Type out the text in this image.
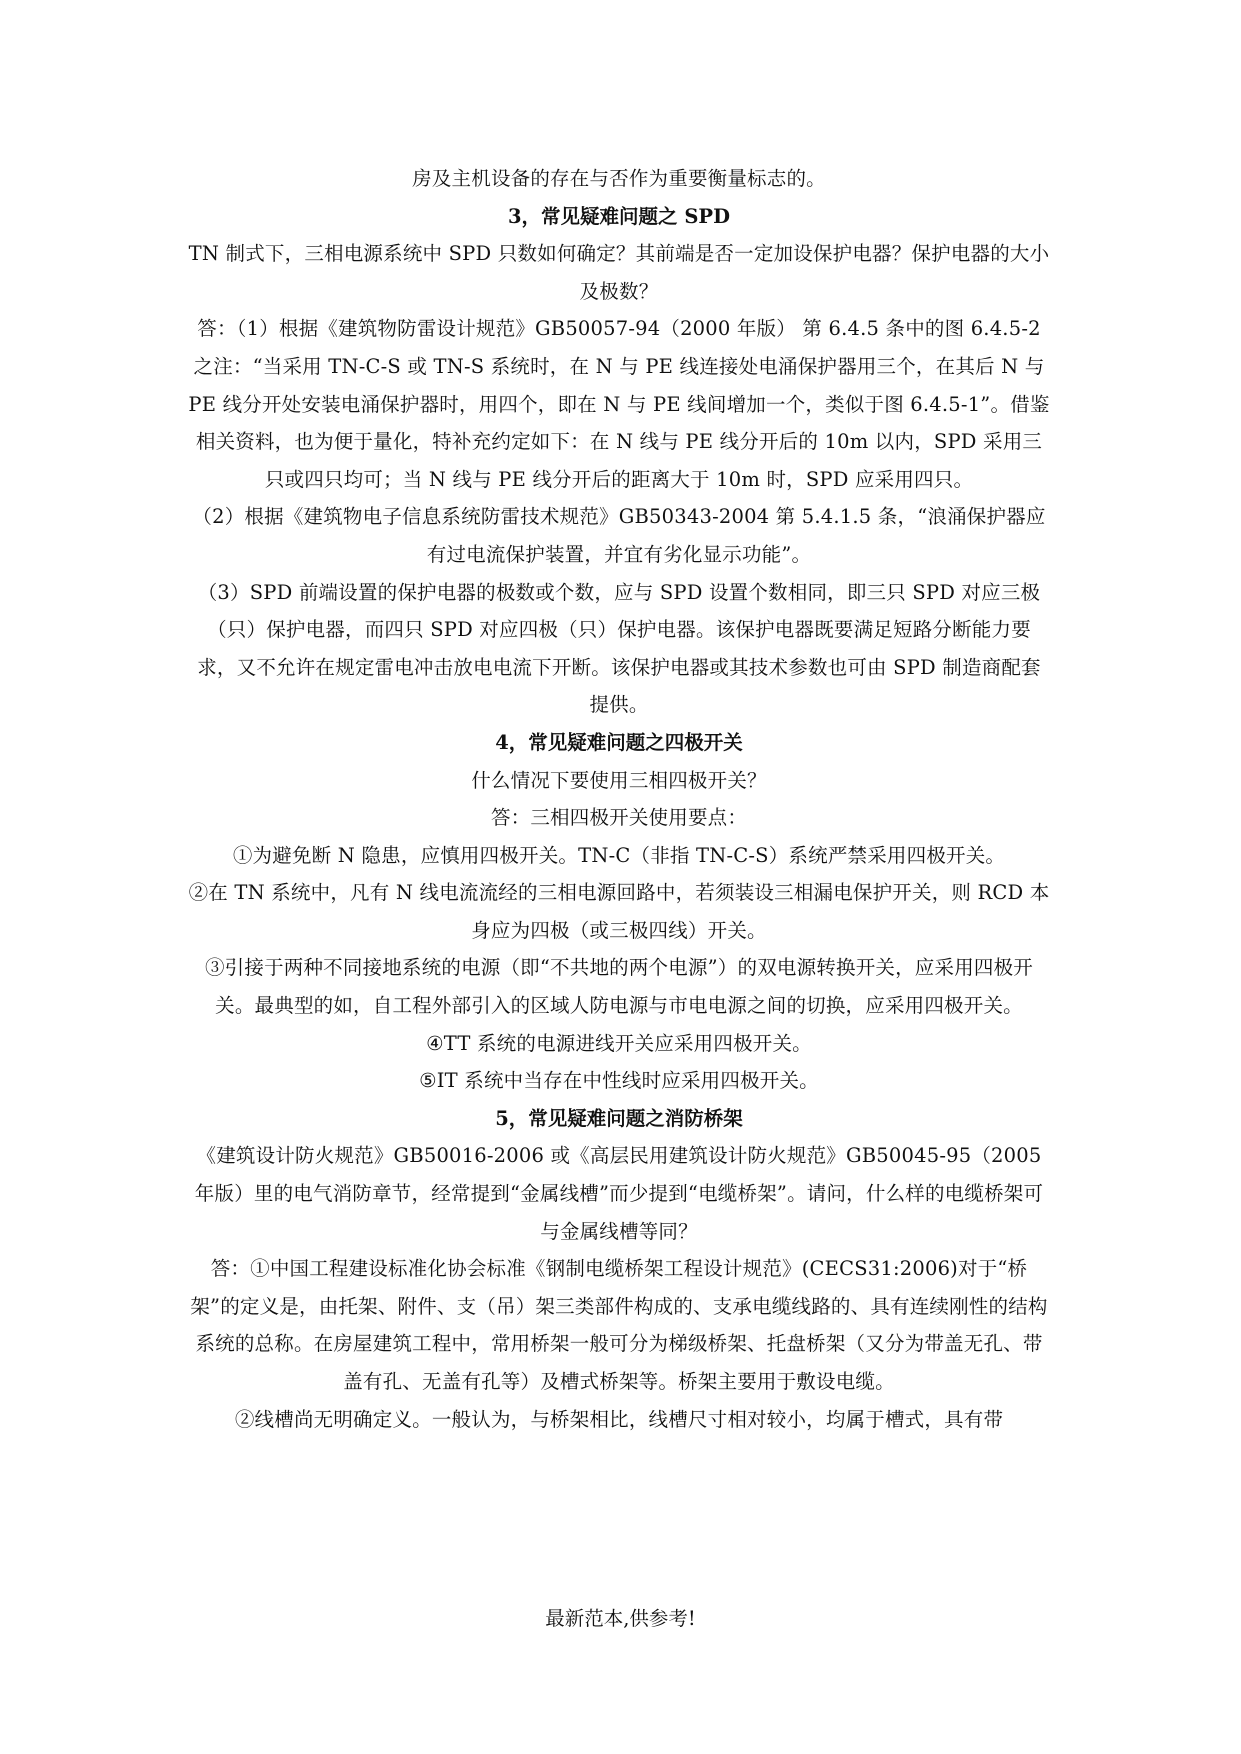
房及主机设备的存在与否作为重要衡量标志的。

3，常见疑难问题之 SPD

TN 制式下，三相电源系统中 SPD 只数如何确定？其前端是否一定加设保护电器？保护电器的大小及极数？

答：（1）根据《建筑物防雷设计规范》GB50057-94（2000 年版） 第 6.4.5 条中的图 6.4.5-2 之注：“当采用 TN-C-S 或 TN-S 系统时，在 N 与 PE 线连接处电涌保护器用三个，在其后 N 与 PE 线分开处安装电涌保护器时，用四个，即在 N 与 PE 线间增加一个，类似于图 6.4.5-1”。借鉴相关资料，也为便于量化，特补充约定如下：在 N 线与 PE 线分开后的 10m 以内，SPD 采用三只或四只均可；当 N 线与 PE 线分开后的距离大于 10m 时，SPD 应采用四只。

（2）根据《建筑物电子信息系统防雷技术规范》GB50343-2004 第 5.4.1.5 条，“浪涌保护器应有过电流保护装置，并宜有劣化显示功能”。

（3）SPD 前端设置的保护电器的极数或个数，应与 SPD 设置个数相同，即三只 SPD 对应三极（只）保护电器，而四只 SPD 对应四极（只）保护电器。该保护电器既要满足短路分断能力要求，又不允许在规定雷电冲击放电电流下开断。该保护电器或其技术参数也可由 SPD 制造商配套提供。

4，常见疑难问题之四极开关

什么情况下要使用三相四极开关？

答：三相四极开关使用要点：

①为避免断 N 隐患，应慎用四极开关。TN-C（非指 TN-C-S）系统严禁采用四极开关。

②在 TN 系统中，凡有 N 线电流流经的三相电源回路中，若须装设三相漏电保护开关，则 RCD 本身应为四极（或三极四线）开关。

③引接于两种不同接地系统的电源（即“不共地的两个电源”）的双电源转换开关，应采用四极开关。最典型的如，自工程外部引入的区域人防电源与市电电源之间的切换，应采用四极开关。

④TT 系统的电源进线开关应采用四极开关。

⑤IT 系统中当存在中性线时应采用四极开关。

5，常见疑难问题之消防桥架

《建筑设计防火规范》GB50016-2006 或《高层民用建筑设计防火规范》GB50045-95（2005 年版）里的电气消防章节，经常提到“金属线槽”而少提到“电缆桥架”。请问，什么样的电缆桥架可与金属线槽等同？

答：①中国工程建设标准化协会标准《钢制电缆桥架工程设计规范》(CECS31:2006)对于“桥架”的定义是，由托架、附件、支（吊）架三类部件构成的、支承电缆线路的、具有连续刚性的结构系统的总称。在房屋建筑工程中，常用桥架一般可分为梯级桥架、托盘桥架（又分为带盖无孔、带盖有孔、无盖有孔等）及槽式桥架等。桥架主要用于敷设电缆。

②线槽尚无明确定义。一般认为，与桥架相比，线槽尺寸相对较小，均属于槽式，具有带

最新范本,供参考!
